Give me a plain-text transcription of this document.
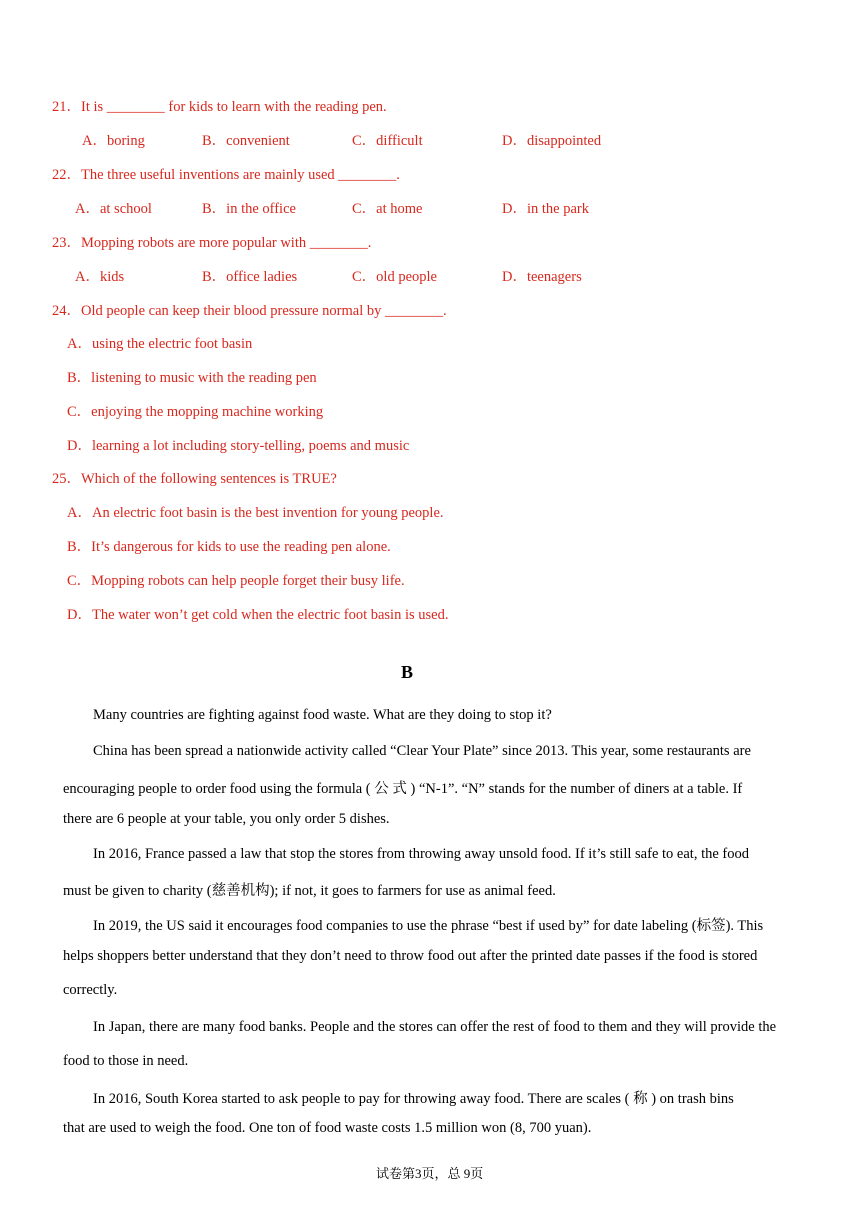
21．It is ________ for kids to learn with the reading pen.
A．boring	B．convenient	C．difficult	D．disappointed
22．The three useful inventions are mainly used ________.
A．at school	B．in the office	C．at home	D．in the park
23．Mopping robots are more popular with ________.
A．kids	B．office ladies	C．old people	D．teenagers
24．Old people can keep their blood pressure normal by ________.
A．using the electric foot basin
B．listening to music with the reading pen
C．enjoying the mopping machine working
D．learning a lot including story-telling, poems and music
25．Which of the following sentences is TRUE?
A．An electric foot basin is the best invention for young people.
B．It’s dangerous for kids to use the reading pen alone.
C．Mopping robots can help people forget their busy life.
D．The water won’t get cold when the electric foot basin is used.
B
Many countries are fighting against food waste. What are they doing to stop it?
China has been spread a nationwide activity called “Clear Your Plate” since 2013. This year, some restaurants are
encouraging people to order food using the formula ( 公 式 ) “N-1”. “N” stands for the number of diners at a table. If
there are 6 people at your table, you only order 5 dishes.
In 2016, France passed a law that stop the stores from throwing away unsold food. If it’s still safe to eat, the food
must be given to charity (慈善机构); if not, it goes to farmers for use as animal feed.
In 2019, the US said it encourages food companies to use the phrase “best if used by” for date labeling (标签). This
helps shoppers better understand that they don’t need to throw food out after the printed date passes if the food is stored
correctly.
In Japan, there are many food banks. People and the stores can offer the rest of food to them and they will provide the
food to those in need.
In 2016, South Korea started to ask people to pay for throwing away food. There are scales ( 称 ) on trash bins
that are used to weigh the food. One ton of food waste costs 1.5 million won (8, 700 yuan).
试卷第3页，总 9页
